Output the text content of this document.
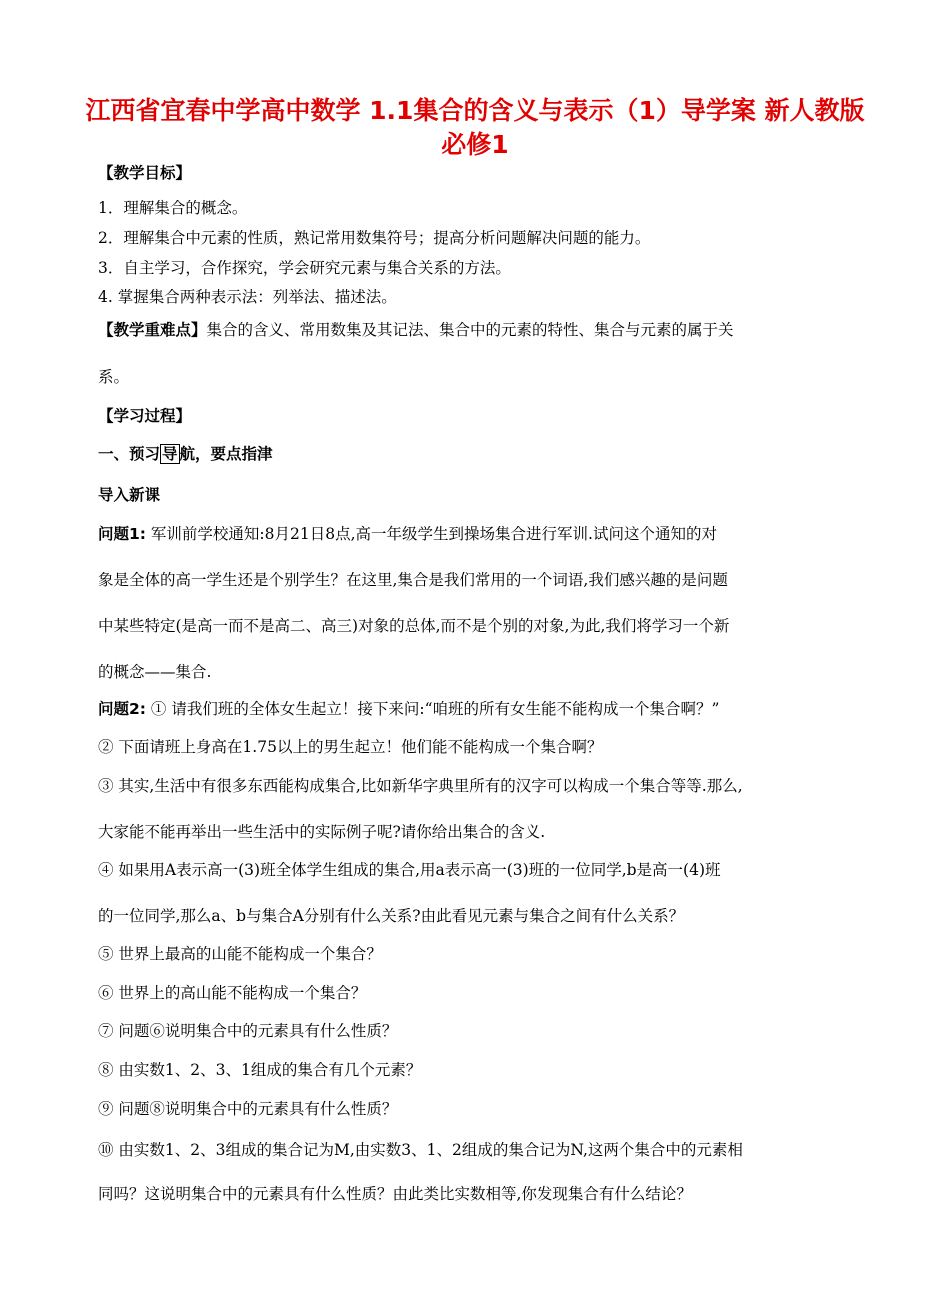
江西省宜春中学高中数学 1.1集合的含义与表示（1）导学案 新人教版
必修1
【教学目标】
1．理解集合的概念。
2．理解集合中元素的性质，熟记常用数集符号；提高分析问题解决问题的能力。
3．自主学习，合作探究，学会研究元素与集合关系的方法。
4. 掌握集合两种表示法：列举法、描述法。
【教学重难点】集合的含义、常用数集及其记法、集合中的元素的特性、集合与元素的属于关
系。
【学习过程】
一、预习 导 航，要点指津
导入新课
问题1: 军训前学校通知:8月21日8点,高一年级学生到操场集合进行军训.试问这个通知的对
象是全体的高一学生还是个别学生？在这里,集合是我们常用的一个词语,我们感兴趣的是问题
中某些特定(是高一而不是高二、高三)对象的总体,而不是个别的对象,为此,我们将学习一个新
的概念——集合.
问题2: ① 请我们班的全体女生起立！接下来问:“咱班的所有女生能不能构成一个集合啊？”
② 下面请班上身高在1.75以上的男生起立！他们能不能构成一个集合啊？
③ 其实,生活中有很多东西能构成集合,比如新华字典里所有的汉字可以构成一个集合等等.那么,
大家能不能再举出一些生活中的实际例子呢?请你给出集合的含义.
④ 如果用A表示高一(3)班全体学生组成的集合,用a表示高一(3)班的一位同学,b是高一(4)班
的一位同学,那么a、b与集合A分别有什么关系?由此看见元素与集合之间有什么关系？
⑤ 世界上最高的山能不能构成一个集合？
⑥ 世界上的高山能不能构成一个集合？
⑦ 问题⑥说明集合中的元素具有什么性质？
⑧ 由实数1、2、3、1组成的集合有几个元素？
⑨ 问题⑧说明集合中的元素具有什么性质？
⑩ 由实数1、2、3组成的集合记为M,由实数3、1、2组成的集合记为N,这两个集合中的元素相
同吗？这说明集合中的元素具有什么性质？由此类比实数相等,你发现集合有什么结论？
